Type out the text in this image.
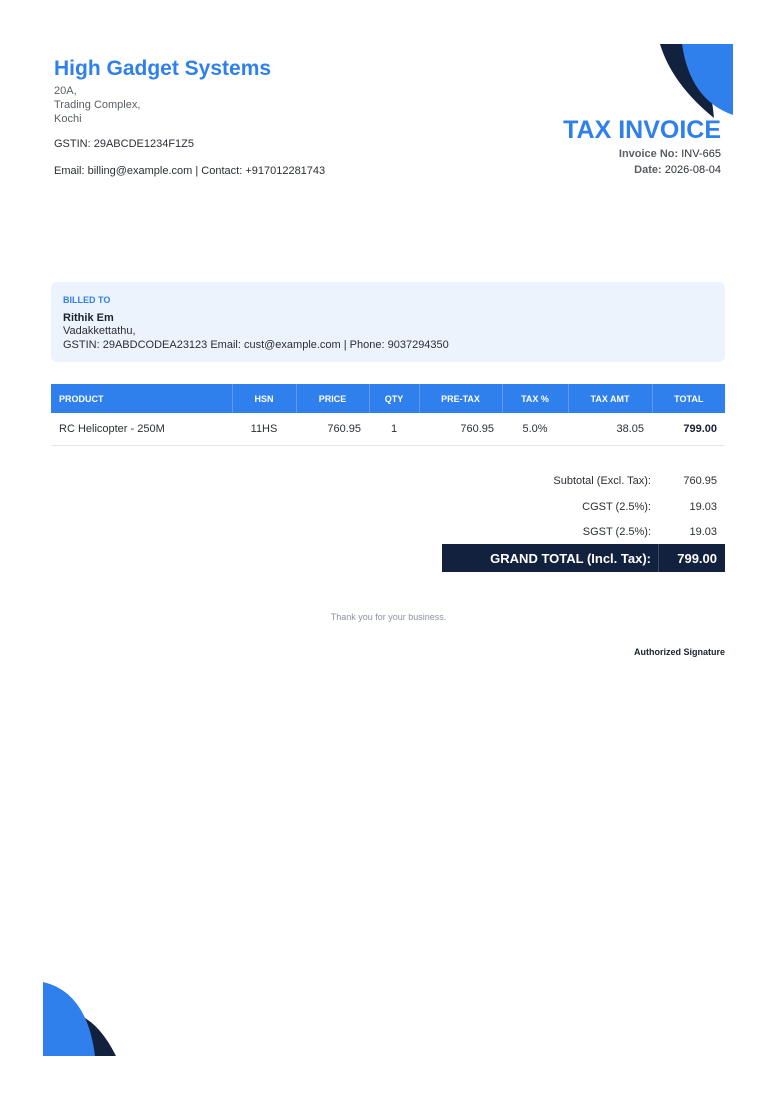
High Gadget Systems
20A,
Trading Complex,
Kochi
GSTIN: 29ABCDE1234F1Z5
Email: billing@example.com | Contact: +917012281743
TAX INVOICE
Invoice No: INV-665
Date: 2026-08-04
BILLED TO
Rithik Em
Vadakkettathu,
GSTIN: 29ABDCODEA23123 Email: cust@example.com | Phone: 9037294350
PRODUCT	HSN	PRICE	QTY	PRE-TAX	TAX %	TAX AMT	TOTAL
RC Helicopter - 250M	11HS	760.95	1	760.95	5.0%	38.05	799.00
Subtotal (Excl. Tax):	760.95
CGST (2.5%):	19.03
SGST (2.5%):	19.03
GRAND TOTAL (Incl. Tax): 799.00
Thank you for your business.
Authorized Signature
